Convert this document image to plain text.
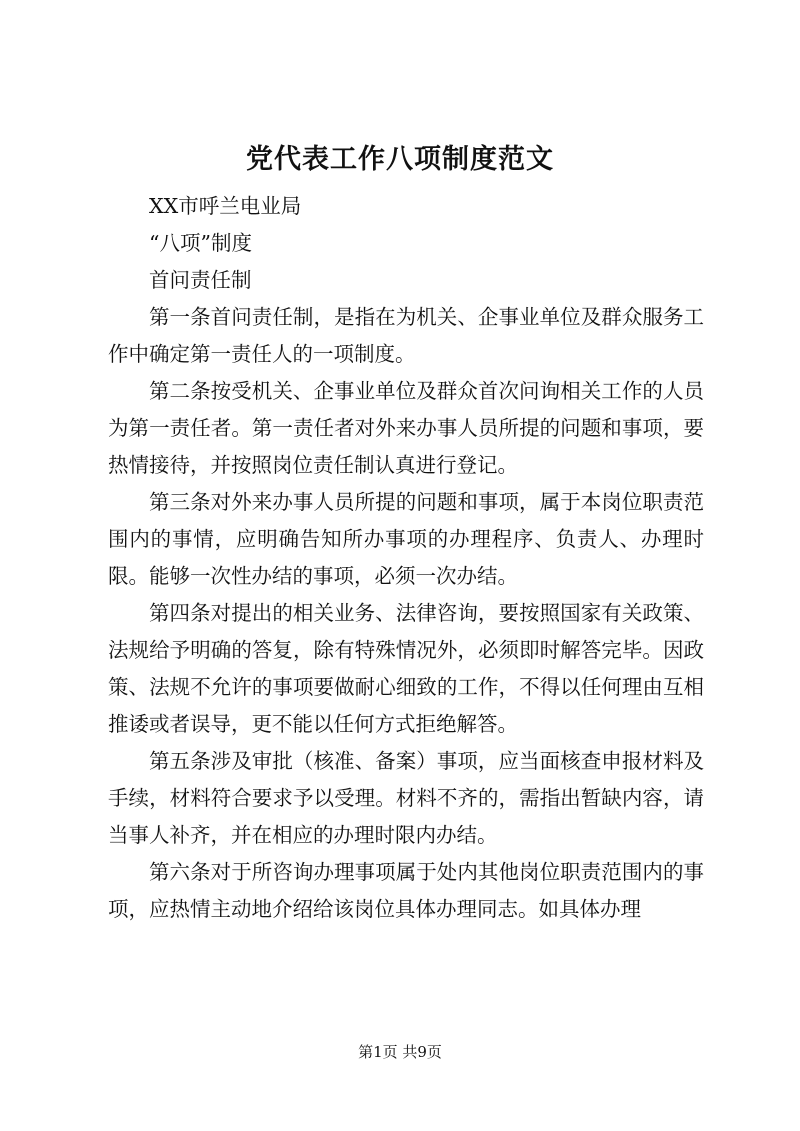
党代表工作八项制度范文

XX市呼兰电业局

“八项”制度

首问责任制

第一条首问责任制，是指在为机关、企事业单位及群众服务工作中确定第一责任人的一项制度。

第二条按受机关、企事业单位及群众首次问询相关工作的人员为第一责任者。第一责任者对外来办事人员所提的问题和事项，要热情接待，并按照岗位责任制认真进行登记。

第三条对外来办事人员所提的问题和事项，属于本岗位职责范围内的事情，应明确告知所办事项的办理程序、负责人、办理时限。能够一次性办结的事项，必须一次办结。

第四条对提出的相关业务、法律咨询，要按照国家有关政策、法规给予明确的答复，除有特殊情况外，必须即时解答完毕。因政策、法规不允许的事项要做耐心细致的工作，不得以任何理由互相推诿或者误导，更不能以任何方式拒绝解答。

第五条涉及审批（核准、备案）事项，应当面核查申报材料及手续，材料符合要求予以受理。材料不齐的，需指出暂缺内容，请当事人补齐，并在相应的办理时限内办结。

第六条对于所咨询办理事项属于处内其他岗位职责范围内的事项，应热情主动地介绍给该岗位具体办理同志。如具体办理

第1页 共9页
